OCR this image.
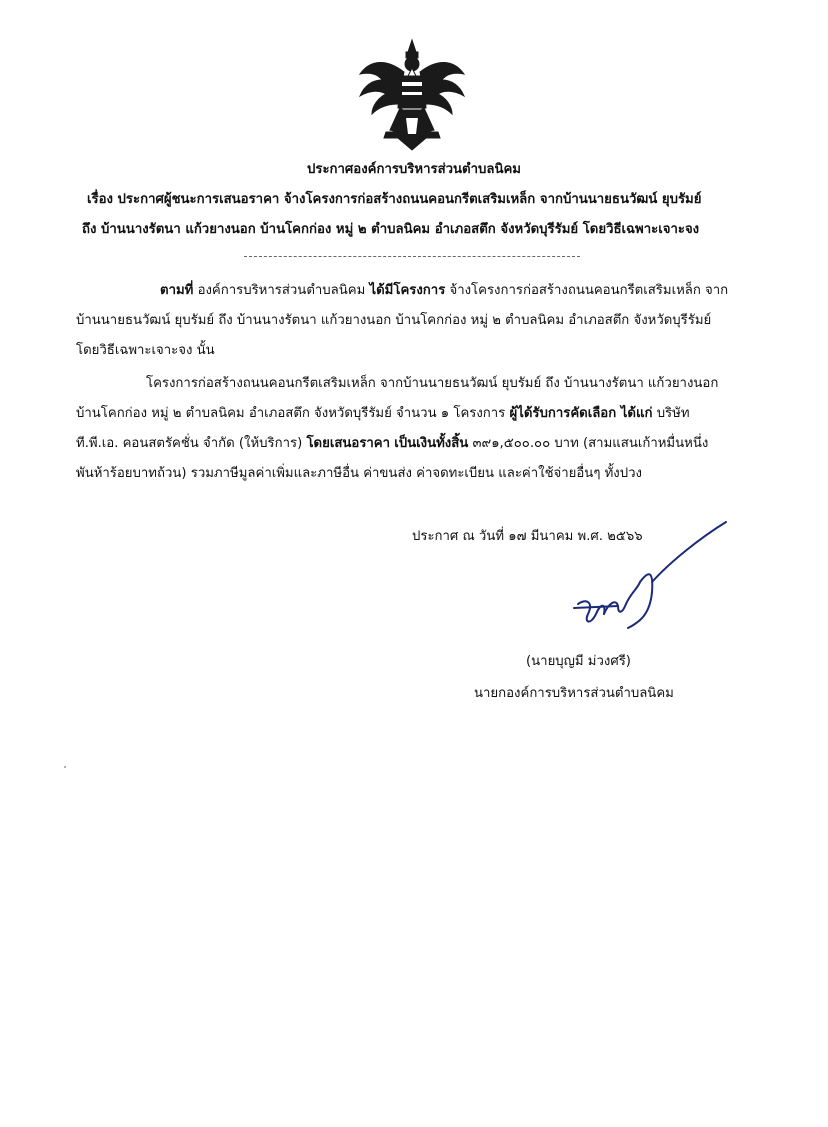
ประกาศองค์การบริหารส่วนตำบลนิคม
เรื่อง ประกาศผู้ชนะการเสนอราคา จ้างโครงการก่อสร้างถนนคอนกรีตเสริมเหล็ก จากบ้านนายธนวัฒน์ ยุบรัมย์
ถึง บ้านนางรัตนา แก้วยางนอก บ้านโคกก่อง หมู่ ๒ ตำบลนิคม อำเภอสตึก จังหวัดบุรีรัมย์ โดยวิธีเฉพาะเจาะจง
ตามที่ องค์การบริหารส่วนตำบลนิคม ได้มีโครงการ จ้างโครงการก่อสร้างถนนคอนกรีตเสริมเหล็ก จาก
บ้านนายธนวัฒน์ ยุบรัมย์ ถึง บ้านนางรัตนา แก้วยางนอก บ้านโคกก่อง หมู่ ๒ ตำบลนิคม อำเภอสตึก จังหวัดบุรีรัมย์
โดยวิธีเฉพาะเจาะจง นั้น
โครงการก่อสร้างถนนคอนกรีตเสริมเหล็ก จากบ้านนายธนวัฒน์ ยุบรัมย์ ถึง บ้านนางรัตนา แก้วยางนอก
บ้านโคกก่อง หมู่ ๒ ตำบลนิคม อำเภอสตึก จังหวัดบุรีรัมย์ จำนวน ๑ โครงการ ผู้ได้รับการคัดเลือก ได้แก่ บริษัท
ที.พี.เอ. คอนสตรัคชั่น จำกัด (ให้บริการ) โดยเสนอราคา เป็นเงินทั้งสิ้น ๓๙๑,๕๐๐.๐๐ บาท (สามแสนเก้าหมื่นหนึ่ง
พันห้าร้อยบาทถ้วน) รวมภาษีมูลค่าเพิ่มและภาษีอื่น ค่าขนส่ง ค่าจดทะเบียน และค่าใช้จ่ายอื่นๆ ทั้งปวง
ประกาศ ณ วันที่ ๑๗ มีนาคม พ.ศ. ๒๕๖๖
(นายบุญมี ม่วงศรี)
นายกองค์การบริหารส่วนตำบลนิคม
